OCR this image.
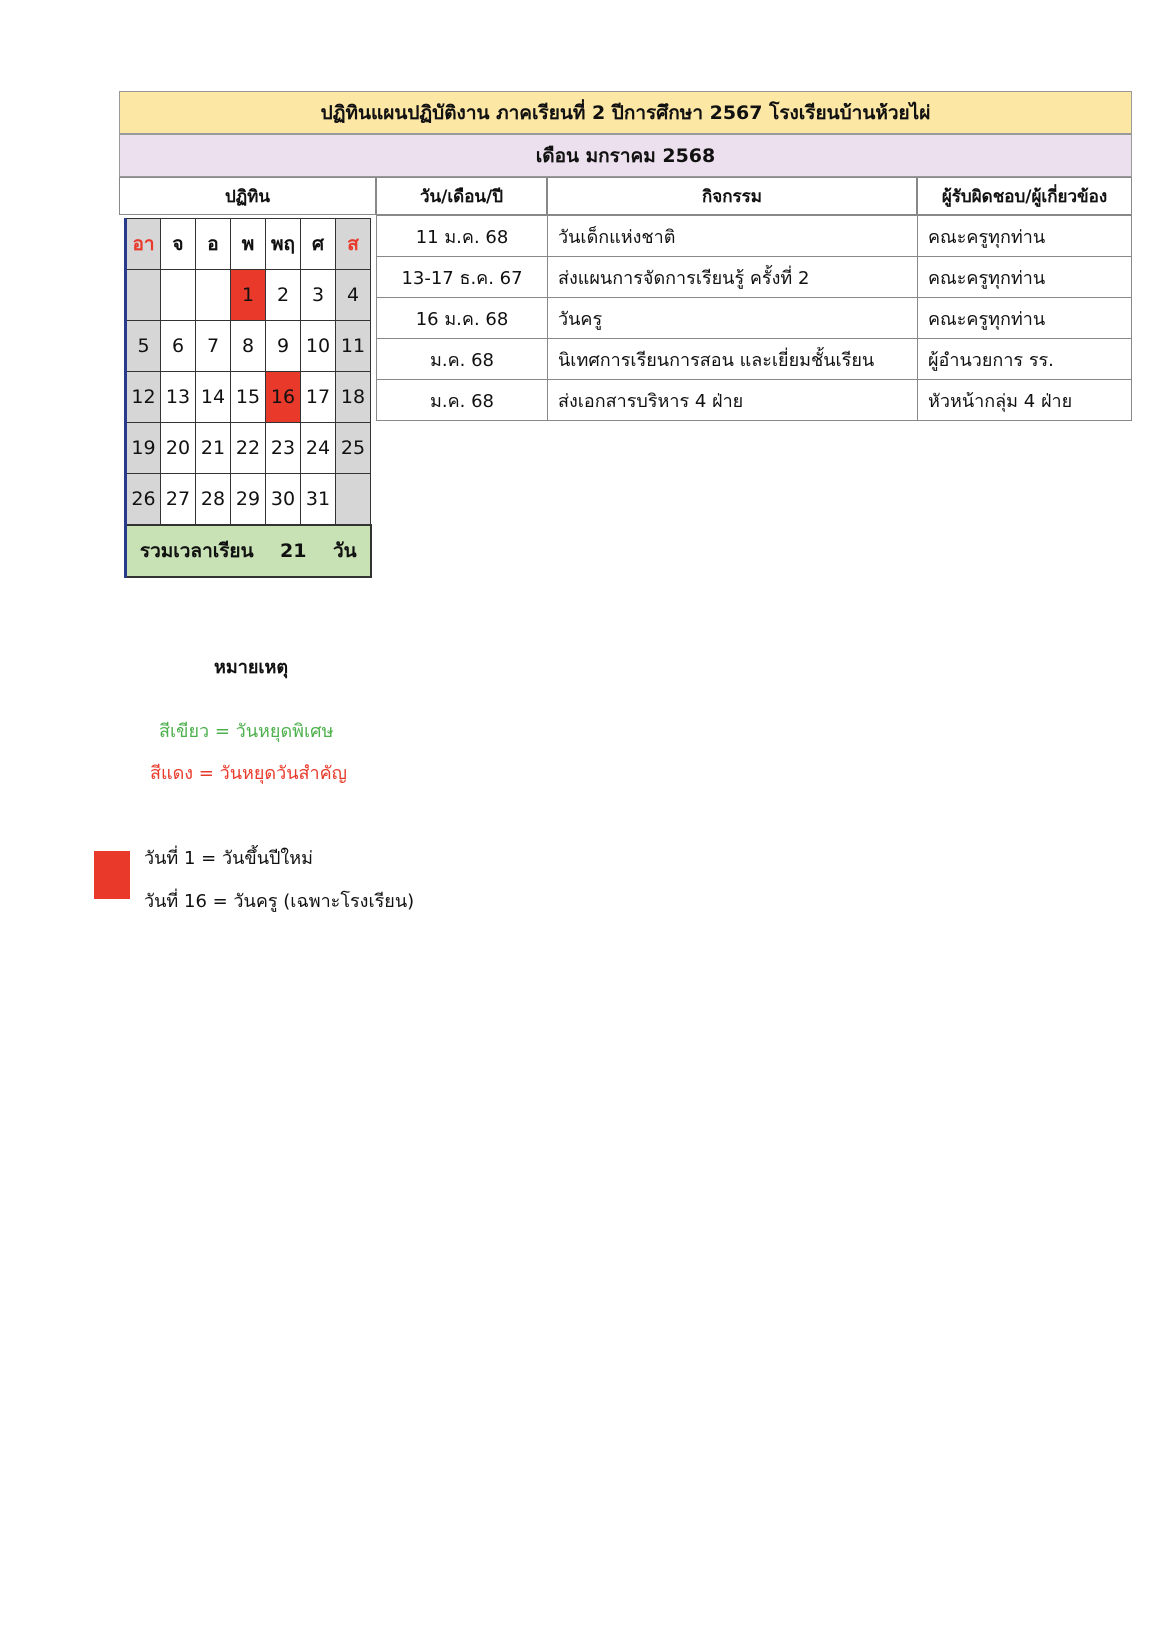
ปฏิทินแผนปฏิบัติงาน ภาคเรียนที่ 2 ปีการศึกษา 2567 โรงเรียนบ้านห้วยไผ่
เดือน มกราคม 2568
ปฏิทิน	วัน/เดือน/ปี	กิจกรรม	ผู้รับผิดชอบ/ผู้เกี่ยวข้อง
อา	จ	อ	พ	พฤ	ศ	ส
			1	2	3	4
5	6	7	8	9	10	11
12	13	14	15	16	17	18
19	20	21	22	23	24	25
26	27	28	29	30	31	
รวมเวลาเรียน 21 วัน						
11 ม.ค. 68	วันเด็กแห่งชาติ	คณะครูทุกท่าน
13-17 ธ.ค. 67	ส่งแผนการจัดการเรียนรู้ ครั้งที่ 2	คณะครูทุกท่าน
16 ม.ค. 68	วันครู	คณะครูทุกท่าน
ม.ค. 68	นิเทศการเรียนการสอน และเยี่ยมชั้นเรียน	ผู้อำนวยการ รร.
ม.ค. 68	ส่งเอกสารบริหาร 4 ฝ่าย	หัวหน้ากลุ่ม 4 ฝ่าย
หมายเหตุ
สีเขียว = วันหยุดพิเศษ
สีแดง = วันหยุดวันสำคัญ
วันที่ 1 = วันขึ้นปีใหม่
วันที่ 16 = วันครู (เฉพาะโรงเรียน)
